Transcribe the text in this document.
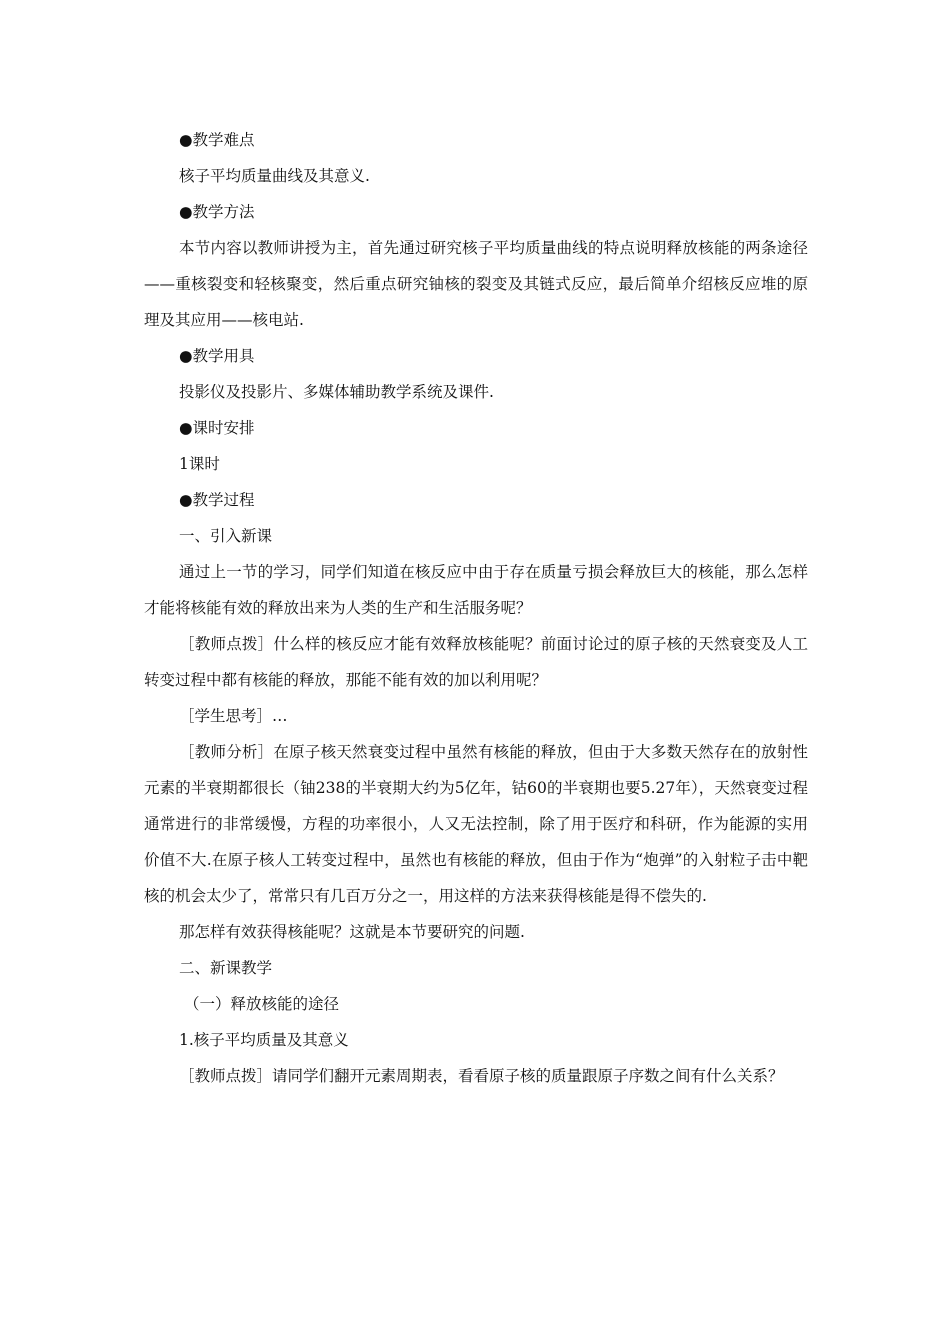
●教学难点

核子平均质量曲线及其意义.

●教学方法

本节内容以教师讲授为主，首先通过研究核子平均质量曲线的特点说明释放核能的两条途径——重核裂变和轻核聚变，然后重点研究铀核的裂变及其链式反应，最后简单介绍核反应堆的原理及其应用——核电站.

●教学用具

投影仪及投影片、多媒体辅助教学系统及课件.

●课时安排

1课时

●教学过程

一、引入新课

通过上一节的学习，同学们知道在核反应中由于存在质量亏损会释放巨大的核能，那么怎样才能将核能有效的释放出来为人类的生产和生活服务呢？

［教师点拨］什么样的核反应才能有效释放核能呢？前面讨论过的原子核的天然衰变及人工转变过程中都有核能的释放，那能不能有效的加以利用呢？

［学生思考］…

［教师分析］在原子核天然衰变过程中虽然有核能的释放，但由于大多数天然存在的放射性元素的半衰期都很长（铀238的半衰期大约为5亿年，钴60的半衰期也要5.27年），天然衰变过程通常进行的非常缓慢，方程的功率很小，人又无法控制，除了用于医疗和科研，作为能源的实用价值不大.在原子核人工转变过程中，虽然也有核能的释放，但由于作为“炮弹”的入射粒子击中靶核的机会太少了，常常只有几百万分之一，用这样的方法来获得核能是得不偿失的.

那怎样有效获得核能呢？这就是本节要研究的问题.

二、新课教学

（一）释放核能的途径

1.核子平均质量及其意义

［教师点拨］请同学们翻开元素周期表，看看原子核的质量跟原子序数之间有什么关系？
